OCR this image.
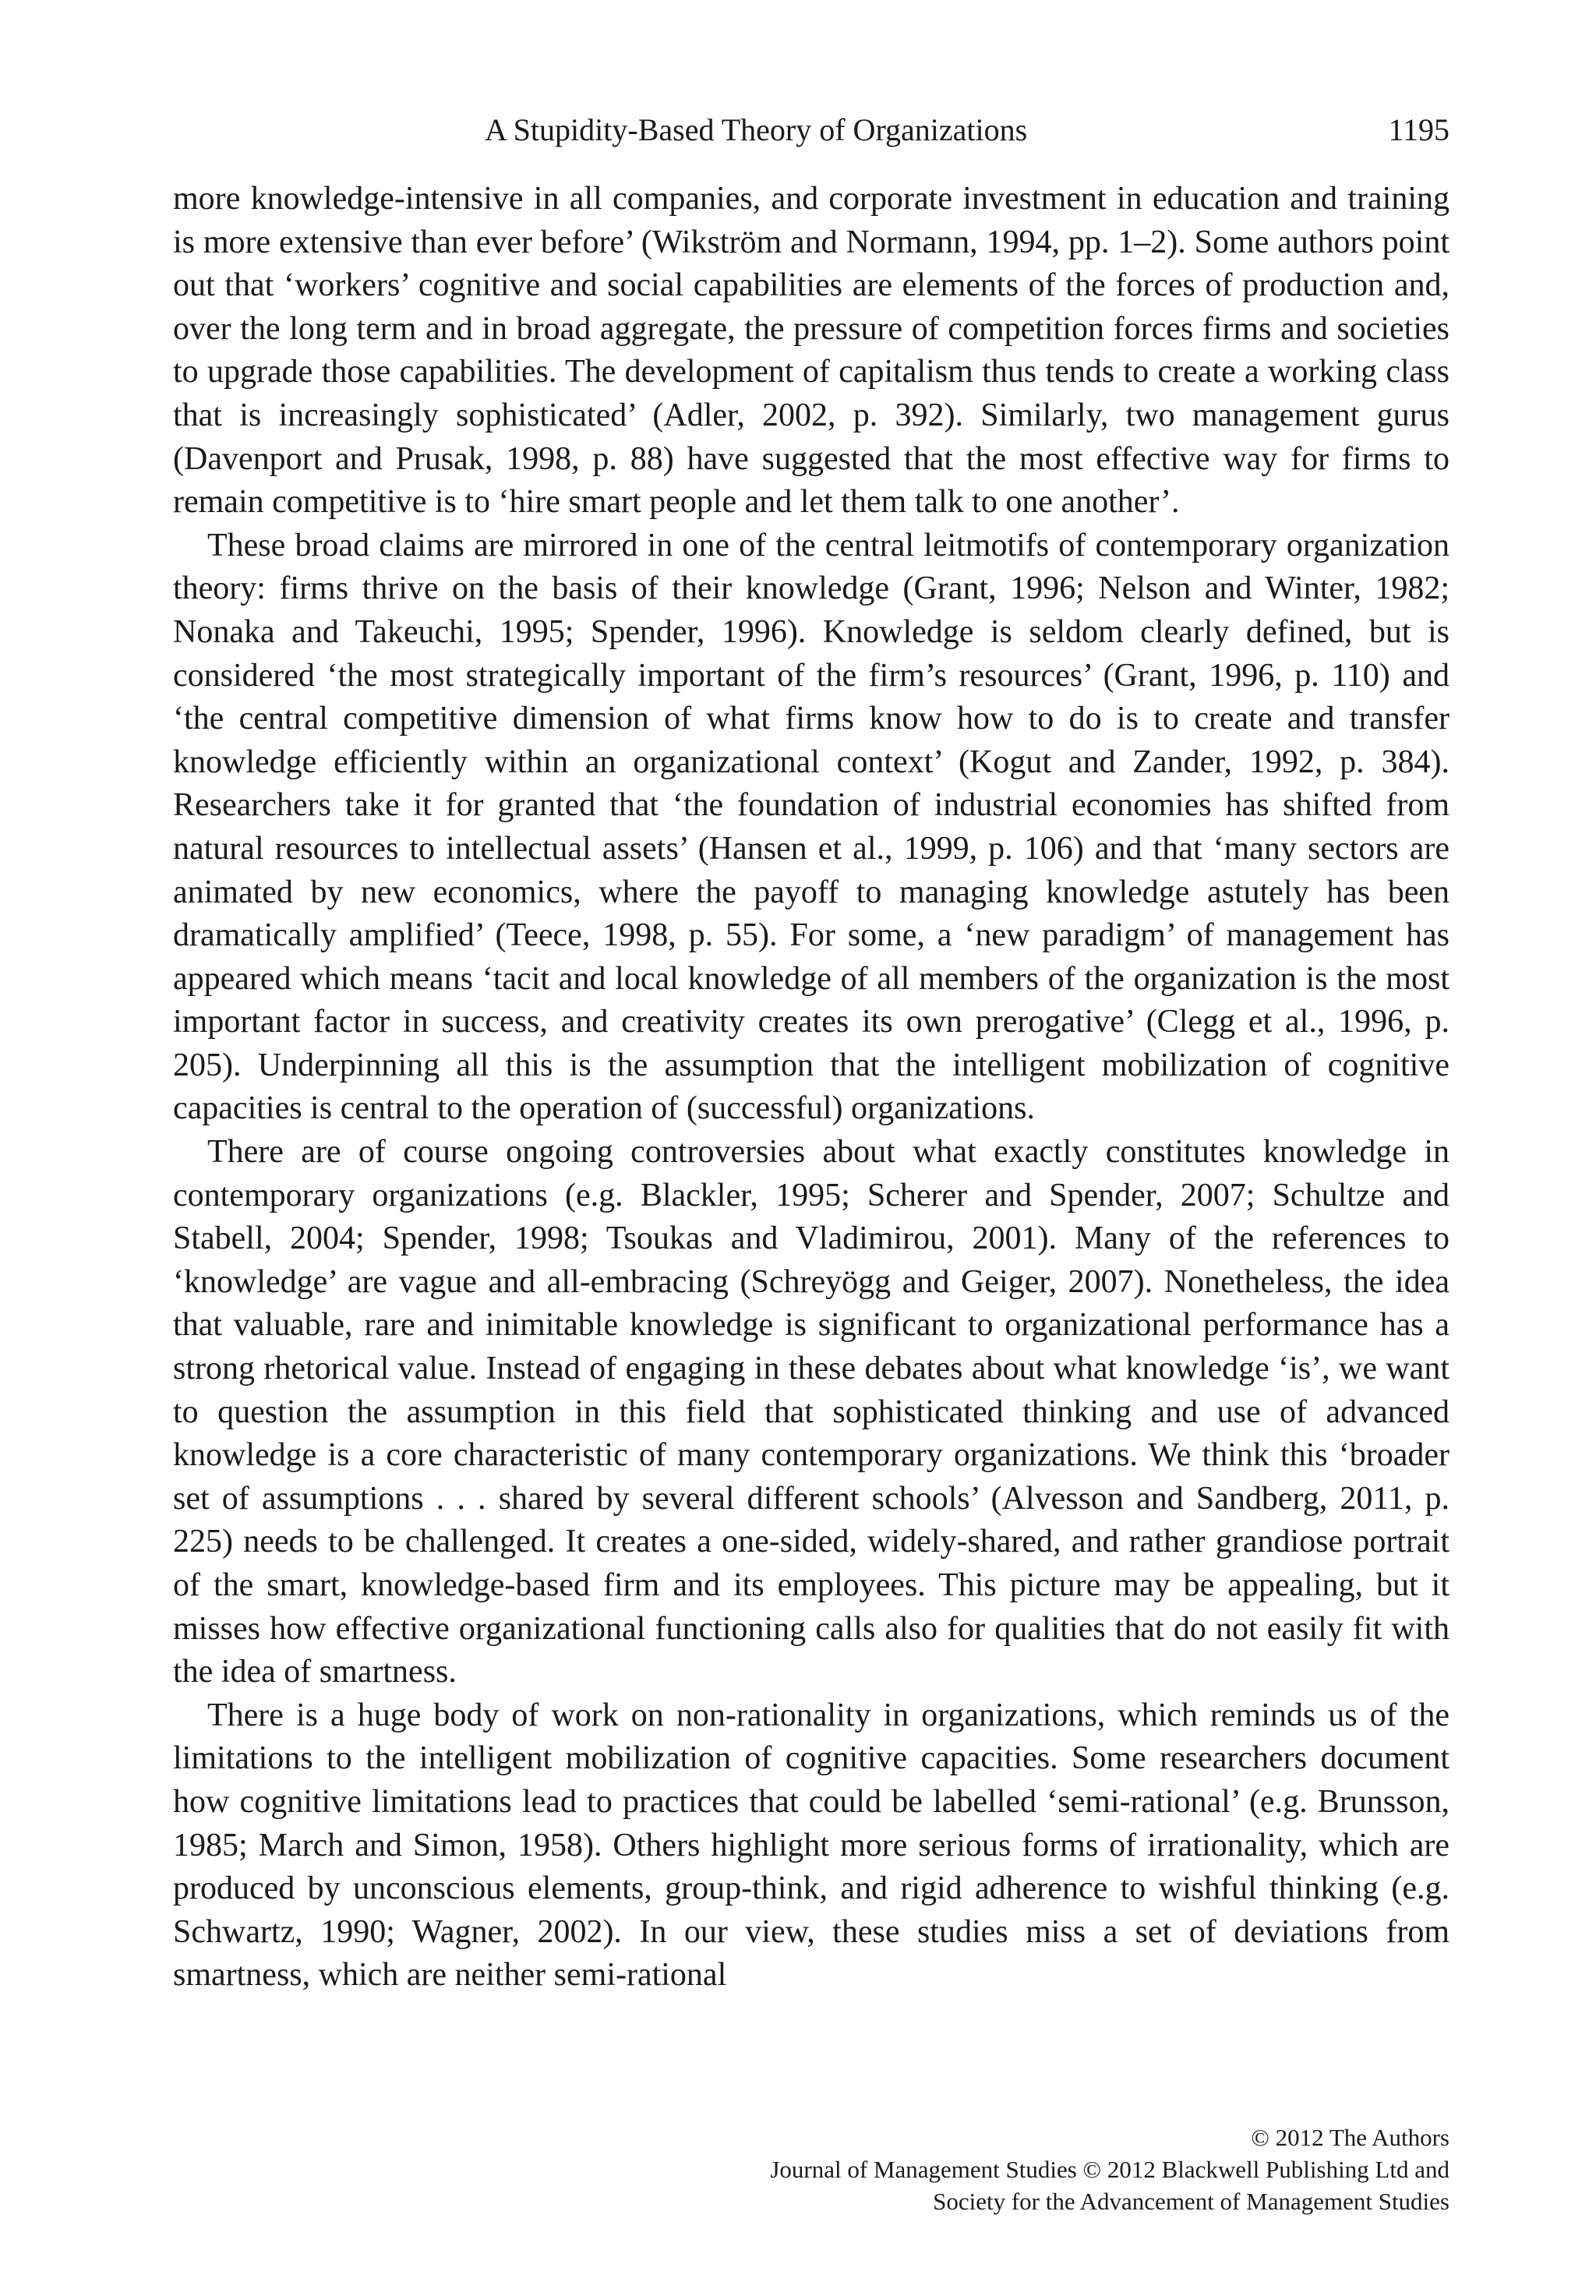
A Stupidity-Based Theory of Organizations	1195

more knowledge-intensive in all companies, and corporate investment in education and training is more extensive than ever before’ (Wikström and Normann, 1994, pp. 1–2). Some authors point out that ‘workers’ cognitive and social capabilities are elements of the forces of production and, over the long term and in broad aggregate, the pressure of competition forces firms and societies to upgrade those capabilities. The development of capitalism thus tends to create a working class that is increasingly sophisticated’ (Adler, 2002, p. 392). Similarly, two management gurus (Davenport and Prusak, 1998, p. 88) have suggested that the most effective way for firms to remain competitive is to ‘hire smart people and let them talk to one another’.

These broad claims are mirrored in one of the central leitmotifs of contemporary organization theory: firms thrive on the basis of their knowledge (Grant, 1996; Nelson and Winter, 1982; Nonaka and Takeuchi, 1995; Spender, 1996). Knowledge is seldom clearly defined, but is considered ‘the most strategically important of the firm’s resources’ (Grant, 1996, p. 110) and ‘the central competitive dimension of what firms know how to do is to create and transfer knowledge efficiently within an organizational context’ (Kogut and Zander, 1992, p. 384). Researchers take it for granted that ‘the foundation of industrial economies has shifted from natural resources to intellectual assets’ (Hansen et al., 1999, p. 106) and that ‘many sectors are animated by new economics, where the payoff to managing knowledge astutely has been dramatically amplified’ (Teece, 1998, p. 55). For some, a ‘new paradigm’ of management has appeared which means ‘tacit and local knowledge of all members of the organization is the most important factor in success, and creativity creates its own prerogative’ (Clegg et al., 1996, p. 205). Underpinning all this is the assumption that the intelligent mobilization of cognitive capacities is central to the operation of (successful) organizations.

There are of course ongoing controversies about what exactly constitutes knowledge in contemporary organizations (e.g. Blackler, 1995; Scherer and Spender, 2007; Schultze and Stabell, 2004; Spender, 1998; Tsoukas and Vladimirou, 2001). Many of the references to ‘knowledge’ are vague and all-embracing (Schreyögg and Geiger, 2007). Nonetheless, the idea that valuable, rare and inimitable knowledge is significant to organizational performance has a strong rhetorical value. Instead of engaging in these debates about what knowledge ‘is’, we want to question the assumption in this field that sophisticated thinking and use of advanced knowledge is a core characteristic of many contemporary organizations. We think this ‘broader set of assumptions . . . shared by several different schools’ (Alvesson and Sandberg, 2011, p. 225) needs to be challenged. It creates a one-sided, widely-shared, and rather grandiose portrait of the smart, knowledge-based firm and its employees. This picture may be appealing, but it misses how effective organizational functioning calls also for qualities that do not easily fit with the idea of smartness.

There is a huge body of work on non-rationality in organizations, which reminds us of the limitations to the intelligent mobilization of cognitive capacities. Some researchers document how cognitive limitations lead to practices that could be labelled ‘semi-rational’ (e.g. Brunsson, 1985; March and Simon, 1958). Others highlight more serious forms of irrationality, which are produced by unconscious elements, group-think, and rigid adherence to wishful thinking (e.g. Schwartz, 1990; Wagner, 2002). In our view, these studies miss a set of deviations from smartness, which are neither semi-rational

© 2012 The Authors
Journal of Management Studies © 2012 Blackwell Publishing Ltd and
Society for the Advancement of Management Studies
